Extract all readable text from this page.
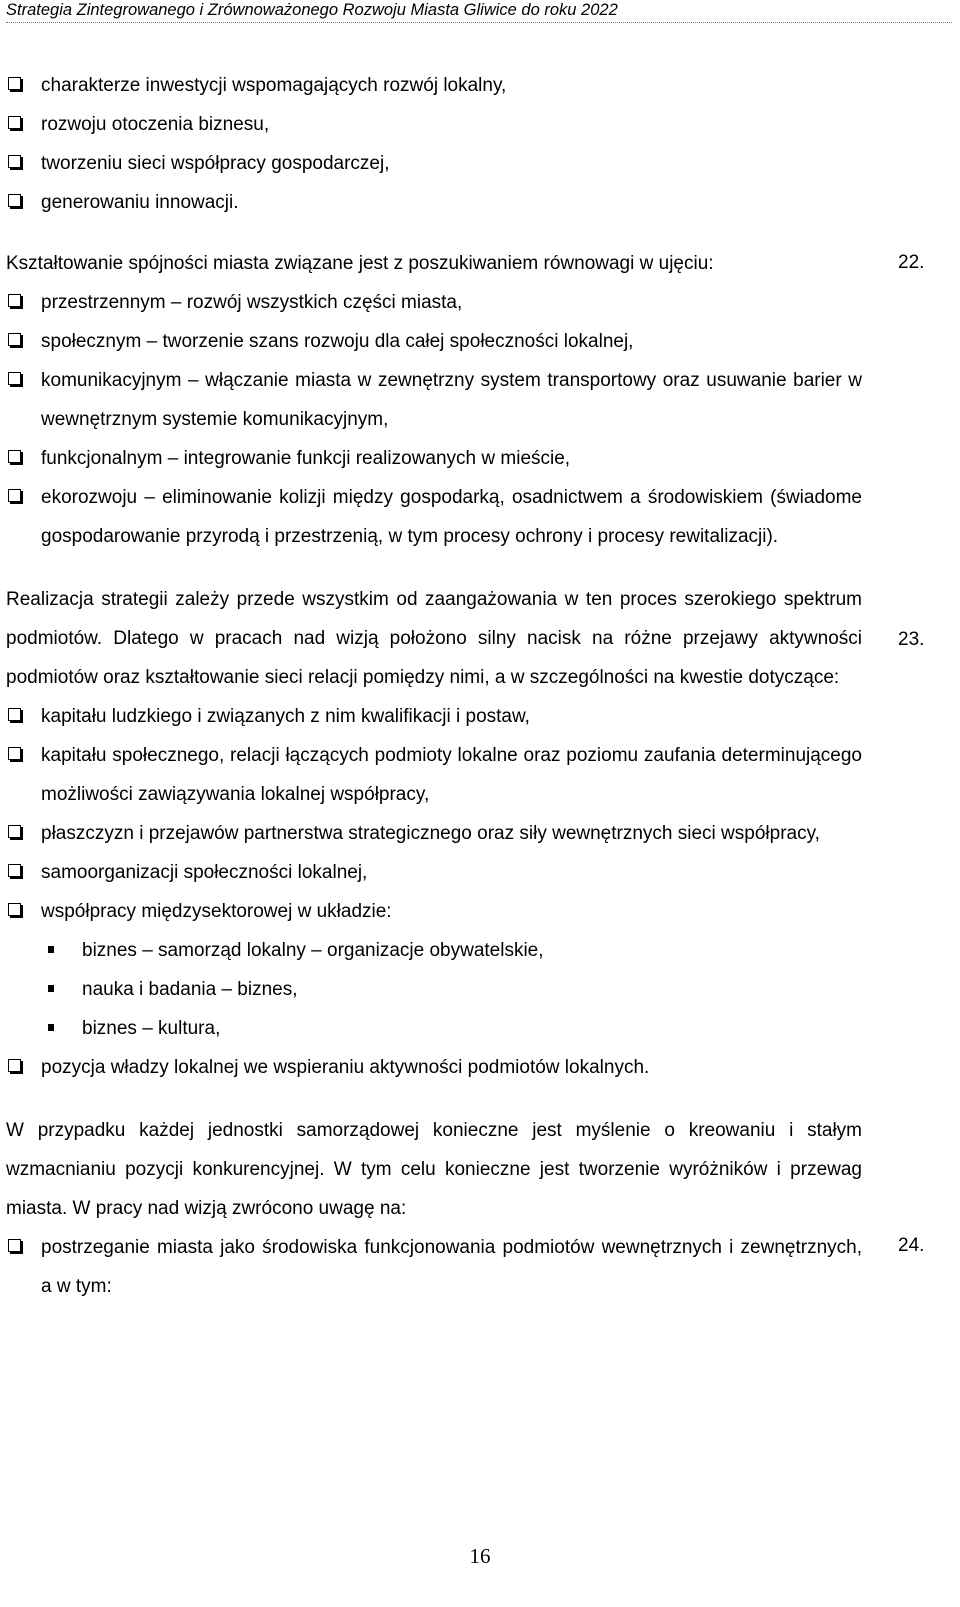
Strategia Zintegrowanego i Zrównoważonego Rozwoju Miasta Gliwice do roku 2022
22.
23.
24.
charakterze inwestycji wspomagających rozwój lokalny,
rozwoju otoczenia biznesu,
tworzeniu sieci współpracy gospodarczej,
generowaniu innowacji.

Kształtowanie spójności miasta związane jest z poszukiwaniem równowagi w ujęciu:

przestrzennym – rozwój wszystkich części miasta,
społecznym – tworzenie szans rozwoju dla całej społeczności lokalnej,
komunikacyjnym – włączanie miasta w zewnętrzny system transportowy oraz usuwanie barier w wewnętrznym systemie komunikacyjnym,
funkcjonalnym – integrowanie funkcji realizowanych w mieście,
ekorozwoju – eliminowanie kolizji między gospodarką, osadnictwem a środowiskiem (świadome gospodarowanie przyrodą i przestrzenią, w tym procesy ochrony i procesy rewitalizacji).

Realizacja strategii zależy przede wszystkim od zaangażowania w ten proces szerokiego spektrum podmiotów. Dlatego w pracach nad wizją położono silny nacisk na różne przejawy aktywności podmiotów oraz kształtowanie sieci relacji pomiędzy nimi, a w szczególności na kwestie dotyczące:

kapitału ludzkiego i związanych z nim kwalifikacji i postaw,
kapitału społecznego, relacji łączących podmioty lokalne oraz poziomu zaufania determinującego możliwości zawiązywania lokalnej współpracy,
płaszczyzn i przejawów partnerstwa strategicznego oraz siły wewnętrznych sieci współpracy,
samoorganizacji społeczności lokalnej,
współpracy międzysektorowej w układzie:
biznes – samorząd lokalny – organizacje obywatelskie,
nauka i badania – biznes,
biznes – kultura,
pozycja władzy lokalnej we wspieraniu aktywności podmiotów lokalnych.

W przypadku każdej jednostki samorządowej konieczne jest myślenie o kreowaniu i stałym wzmacnianiu pozycji konkurencyjnej. W tym celu konieczne jest tworzenie wyróżników i przewag miasta. W pracy nad wizją zwrócono uwagę na:

postrzeganie miasta jako środowiska funkcjonowania podmiotów wewnętrznych i zewnętrznych, a w tym:
16
